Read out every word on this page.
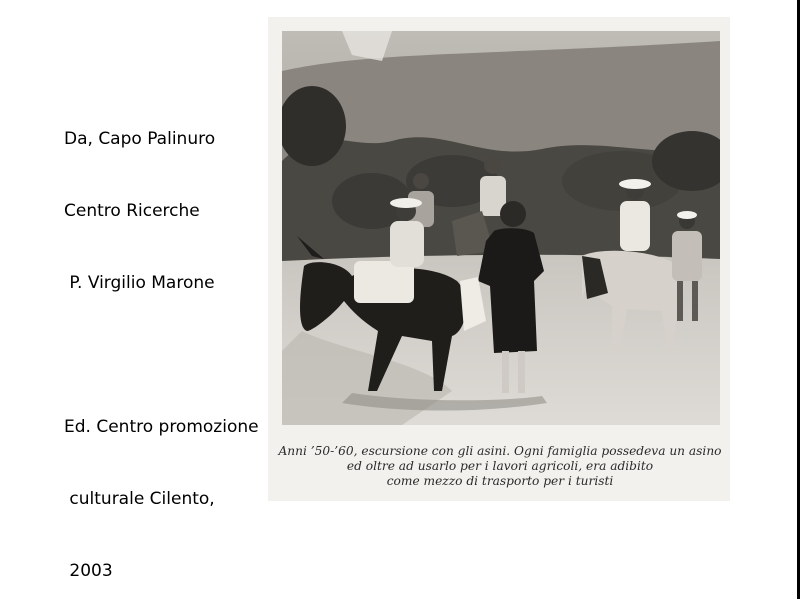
Da, Capo Palinuro

Centro Ricerche

P. Virgilio Marone

Ed. Centro promozione

culturale Cilento,

2003

Anni ’50-’60, escursione con gli asini. Ogni famiglia possedeva un asino
ed oltre ad usarlo per i lavori agricoli, era adibito
come mezzo di trasporto per i turisti
